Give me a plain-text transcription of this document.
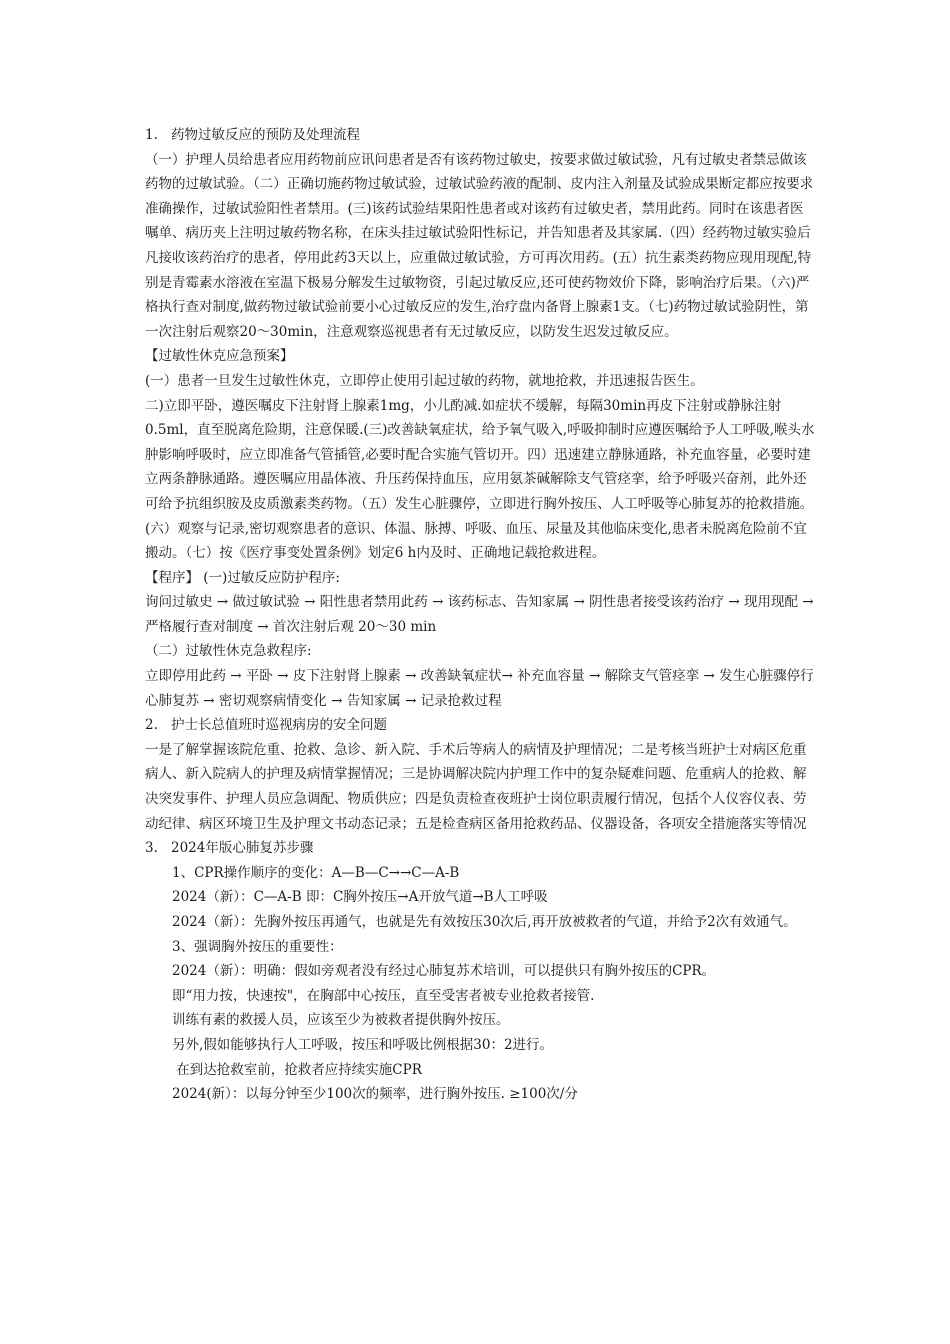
1. 药物过敏反应的预防及处理流程

（一）护理人员给患者应用药物前应讯问患者是否有该药物过敏史，按要求做过敏试验，凡有过敏史者禁忌做该药物的过敏试验。（二）正确切施药物过敏试验，过敏试验药液的配制、皮内注入剂量及试验成果断定都应按要求准确操作，过敏试验阳性者禁用。(三)该药试验结果阳性患者或对该药有过敏史者，禁用此药。同时在该患者医嘱单、病历夹上注明过敏药物名称，在床头挂过敏试验阳性标记，并告知患者及其家属.（四）经药物过敏实验后凡接收该药治疗的患者，停用此药3天以上，应重做过敏试验，方可再次用药。(五）抗生素类药物应现用现配,特别是青霉素水溶液在室温下极易分解发生过敏物资，引起过敏反应,还可使药物效价下降，影响治疗后果。（六)严格执行查对制度,做药物过敏试验前要小心过敏反应的发生,治疗盘内备肾上腺素1支。（七)药物过敏试验阴性，第一次注射后观察20～30min，注意观察巡视患者有无过敏反应，以防发生迟发过敏反应。

【过敏性休克应急预案】

(一）患者一旦发生过敏性休克，立即停止使用引起过敏的药物，就地抢救，并迅速报告医生。

二)立即平卧，遵医嘱皮下注射肾上腺素1mg，小儿酌减.如症状不缓解，每隔30min再皮下注射或静脉注射0.5ml，直至脱离危险期，注意保暖.(三)改善缺氧症状，给予氧气吸入,呼吸抑制时应遵医嘱给予人工呼吸,喉头水肿影响呼吸时，应立即准备气管插管,必要时配合实施气管切开。四）迅速建立静脉通路，补充血容量，必要时建立两条静脉通路。遵医嘱应用晶体液、升压药保持血压，应用氨茶碱解除支气管痉挛，给予呼吸兴奋剂，此外还可给予抗组织胺及皮质激素类药物。（五）发生心脏骤停，立即进行胸外按压、人工呼吸等心肺复苏的抢救措施。(六）观察与记录,密切观察患者的意识、体温、脉搏、呼吸、血压、尿量及其他临床变化,患者未脱离危险前不宜搬动。（七）按《医疗事变处置条例》划定6 h内及时、正确地记载抢救进程。

【程序】 (一)过敏反应防护程序:

询问过敏史 → 做过敏试验 → 阳性患者禁用此药 → 该药标志、告知家属 → 阴性患者接受该药治疗 → 现用现配 → 严格履行查对制度 → 首次注射后观 20～30 min

（二）过敏性休克急救程序:

立即停用此药 → 平卧 → 皮下注射肾上腺素 → 改善缺氧症状→ 补充血容量 → 解除支气管痉挛 → 发生心脏骤停行心肺复苏 → 密切观察病情变化 → 告知家属 → 记录抢救过程

2. 护士长总值班时巡视病房的安全问题

一是了解掌握该院危重、抢救、急诊、新入院、手术后等病人的病情及护理情况；二是考核当班护士对病区危重病人、新入院病人的护理及病情掌握情况；三是协调解决院内护理工作中的复杂疑难问题、危重病人的抢救、解决突发事件、护理人员应急调配、物质供应；四是负责检查夜班护士岗位职责履行情况，包括个人仪容仪表、劳动纪律、病区环境卫生及护理文书动态记录；五是检查病区备用抢救药品、仪器设备，各项安全措施落实等情况

3. 2024年版心肺复苏步骤

1、CPR操作顺序的变化：A—B—C→→C—A-B

2024（新）：C—A-B 即：C胸外按压→A开放气道→B人工呼吸

2024（新）：先胸外按压再通气，也就是先有效按压30次后,再开放被救者的气道，并给予2次有效通气。

3、强调胸外按压的重要性：

2024（新）：明确：假如旁观者没有经过心肺复苏术培训，可以提供只有胸外按压的CPR。

即“用力按，快速按"，在胸部中心按压，直至受害者被专业抢救者接管.

训练有素的救援人员，应该至少为被救者提供胸外按压。

另外,假如能够执行人工呼吸，按压和呼吸比例根据30：2进行。

在到达抢救室前，抢救者应持续实施CPR

2024(新）：以每分钟至少100次的频率，进行胸外按压. ≥100次/分
